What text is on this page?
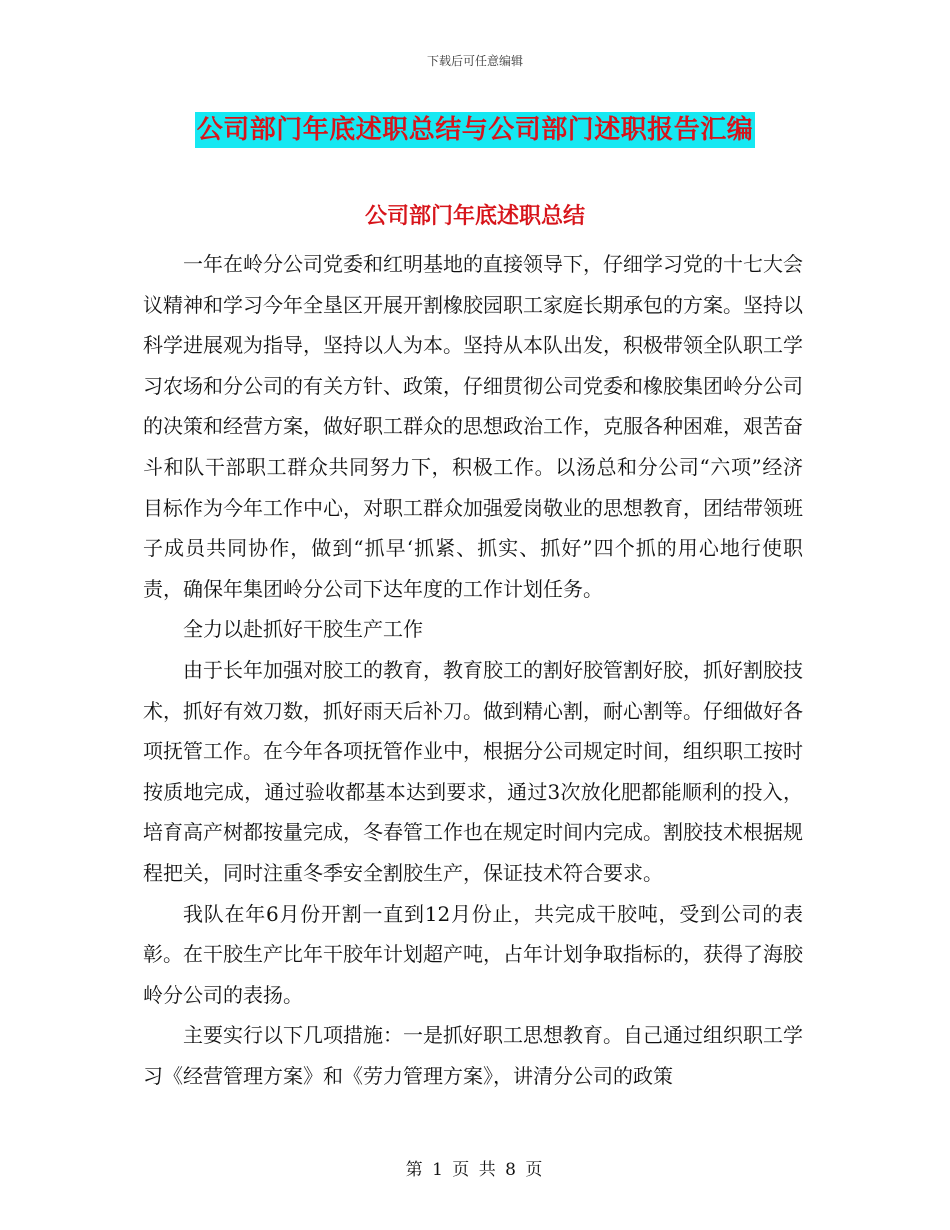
下载后可任意编辑
公司部门年底述职总结与公司部门述职报告汇编
公司部门年底述职总结

一年在岭分公司党委和红明基地的直接领导下，仔细学习党的十七大会议精神和学习今年全垦区开展开割橡胶园职工家庭长期承包的方案。坚持以科学进展观为指导，坚持以人为本。坚持从本队出发，积极带领全队职工学习农场和分公司的有关方针、政策，仔细贯彻公司党委和橡胶集团岭分公司的决策和经营方案，做好职工群众的思想政治工作，克服各种困难，艰苦奋斗和队干部职工群众共同努力下，积极工作。以汤总和分公司“六项”经济目标作为今年工作中心，对职工群众加强爱岗敬业的思想教育，团结带领班子成员共同协作，做到“抓早‘抓紧、抓实、抓好”四个抓的用心地行使职责，确保年集团岭分公司下达年度的工作计划任务。

全力以赴抓好干胶生产工作

由于长年加强对胶工的教育，教育胶工的割好胶管割好胶，抓好割胶技术，抓好有效刀数，抓好雨天后补刀。做到精心割，耐心割等。仔细做好各项抚管工作。在今年各项抚管作业中，根据分公司规定时间，组织职工按时按质地完成，通过验收都基本达到要求，通过3次放化肥都能顺利的投入，培育高产树都按量完成，冬春管工作也在规定时间内完成。割胶技术根据规程把关，同时注重冬季安全割胶生产，保证技术符合要求。

我队在年6月份开割一直到12月份止，共完成干胶吨，受到公司的表彰。在干胶生产比年干胶年计划超产吨，占年计划争取指标的，获得了海胶岭分公司的表扬。

主要实行以下几项措施：一是抓好职工思想教育。自己通过组织职工学习《经营管理方案》和《劳力管理方案》，讲清分公司的政策

第 1 页 共 8 页
